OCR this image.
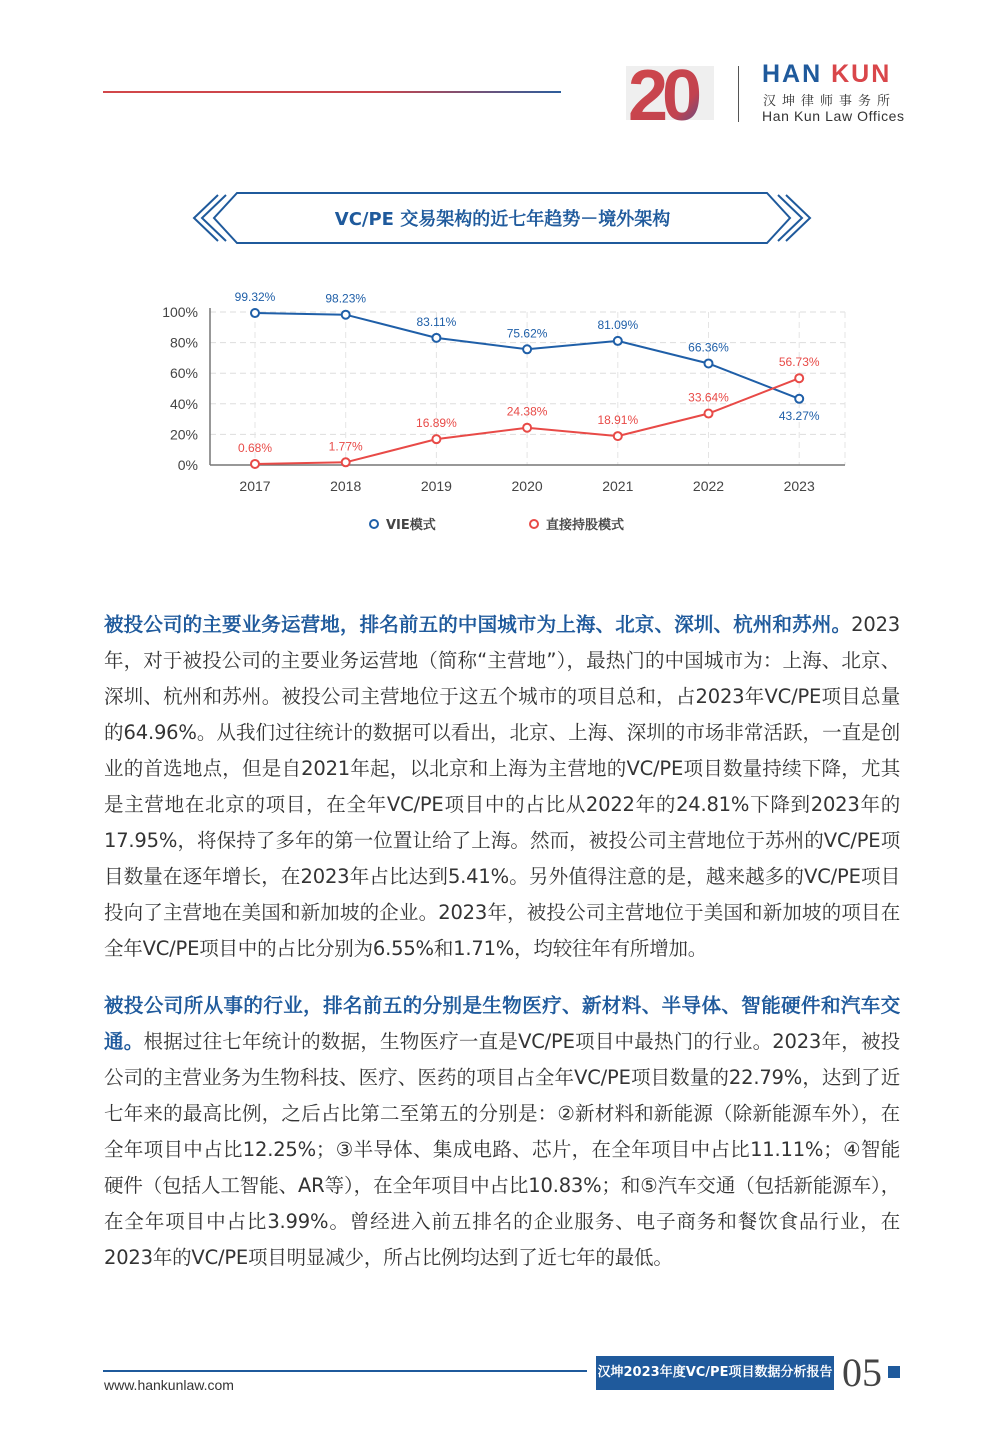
20	HAN KUN
汉坤律师事务所
Han Kun Law Offices
0%
20%
40%
60%
80%
100%
2017	2018	2019	2020	2021	2022	2023
99.32%	98.23%
83.11%
75.62%
81.09%
66.36%
43.27%
0.68%	1.77%
16.89%
24.38%
18.91%
33.64%
56.73%
VIE模式	直接持股模式
VC/PE 交易架构的近七年趋势－境外架构
被投公司的主要业务运营地，排名前五的中国城市为上海、北京、深圳、杭州和苏州。2023年，对于被投公司的主要业务运营地（简称“主营地”），最热门的中国城市为：上海、北京、深圳、杭州和苏州。被投公司主营地位于这五个城市的项目总和，占2023年VC/PE项目总量的64.96%。从我们过往统计的数据可以看出，北京、上海、深圳的市场非常活跃，一直是创业的首选地点，但是自2021年起，以北京和上海为主营地的VC/PE项目数量持续下降，尤其是主营地在北京的项目，在全年VC/PE项目中的占比从2022年的24.81%下降到2023年的17.95%，将保持了多年的第一位置让给了上海。然而，被投公司主营地位于苏州的VC/PE项目数量在逐年增长，在2023年占比达到5.41%。另外值得注意的是，越来越多的VC/PE项目投向了主营地在美国和新加坡的企业。2023年，被投公司主营地位于美国和新加坡的项目在全年VC/PE项目中的占比分别为6.55%和1.71%，均较往年有所增加。
被投公司所从事的行业，排名前五的分别是生物医疗、新材料、半导体、智能硬件和汽车交通。根据过往七年统计的数据，生物医疗一直是VC/PE项目中最热门的行业。2023年，被投公司的主营业务为生物科技、医疗、医药的项目占全年VC/PE项目数量的22.79%，达到了近七年来的最高比例，之后占比第二至第五的分别是：②新材料和新能源（除新能源车外），在全年项目中占比12.25%；③半导体、集成电路、芯片，在全年项目中占比11.11%；④智能硬件（包括人工智能、AR等），在全年项目中占比10.83%；和⑤汽车交通（包括新能源车），在全年项目中占比3.99%。曾经进入前五排名的企业服务、电子商务和餐饮食品行业，在2023年的VC/PE项目明显减少，所占比例均达到了近七年的最低。
www.hankunlaw.com
汉坤2023年度VC/PE项目数据分析报告 05
